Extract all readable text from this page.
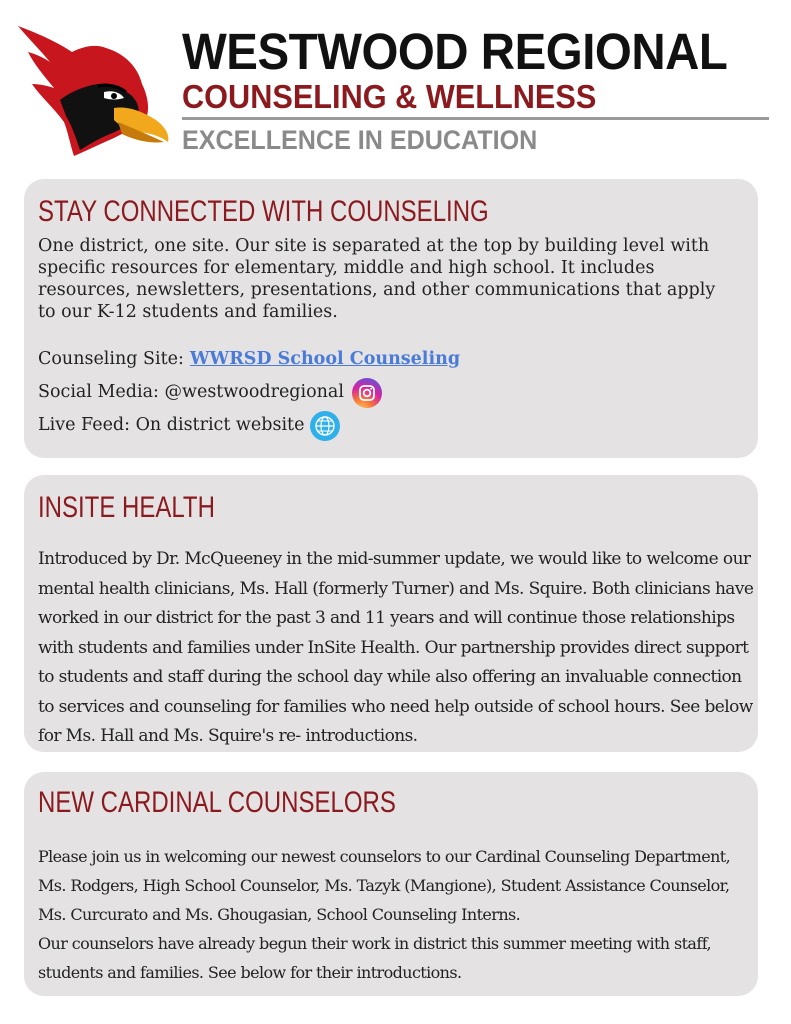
WESTWOOD REGIONAL
COUNSELING & WELLNESS
EXCELLENCE IN EDUCATION
STAY CONNECTED WITH COUNSELING

One district, one site. Our site is separated at the top by building level with specific resources for elementary, middle and high school. It includes resources, newsletters, presentations, and other communications that apply to our K-12 students and families.

Counseling Site: WWRSD School Counseling
Social Media: @westwoodregional
Live Feed: On district website
INSITE HEALTH

Introduced by Dr. McQueeney in the mid-summer update, we would like to welcome our mental health clinicians, Ms. Hall (formerly Turner) and Ms. Squire. Both clinicians have worked in our district for the past 3 and 11 years and will continue those relationships with students and families under InSite Health. Our partnership provides direct support to students and staff during the school day while also offering an invaluable connection to services and counseling for families who need help outside of school hours. See below for Ms. Hall and Ms. Squire's re- introductions.

NEW CARDINAL COUNSELORS

Please join us in welcoming our newest counselors to our Cardinal Counseling Department, Ms. Rodgers, High School Counselor, Ms. Tazyk (Mangione), Student Assistance Counselor, Ms. Curcurato and Ms. Ghougasian, School Counseling Interns.
Our counselors have already begun their work in district this summer meeting with staff, students and families. See below for their introductions.
